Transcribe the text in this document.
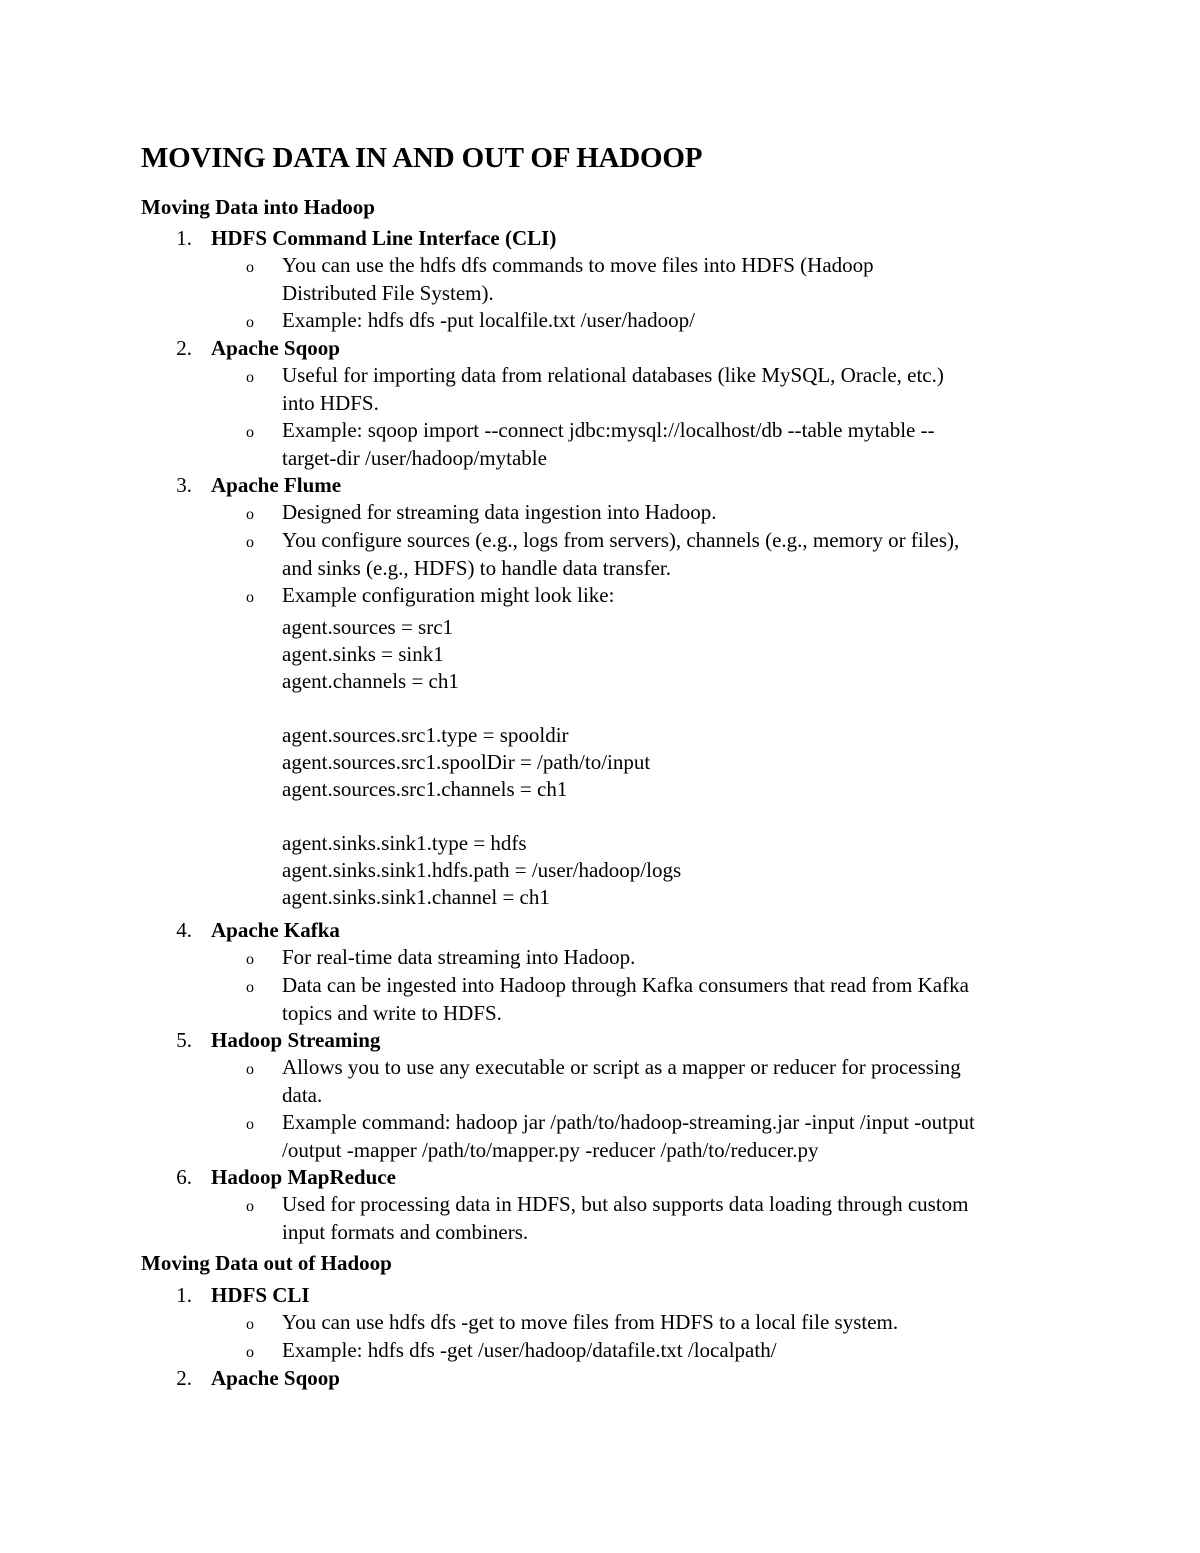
MOVING DATA IN AND OUT OF HADOOP
Moving Data into Hadoop
1. HDFS Command Line Interface (CLI)
o You can use the hdfs dfs commands to move files into HDFS (Hadoop
Distributed File System).
o Example: hdfs dfs -put localfile.txt /user/hadoop/
2. Apache Sqoop
o Useful for importing data from relational databases (like MySQL, Oracle, etc.)
into HDFS.
o Example: sqoop import --connect jdbc:mysql://localhost/db --table mytable --
target-dir /user/hadoop/mytable
3. Apache Flume
o Designed for streaming data ingestion into Hadoop.
o You configure sources (e.g., logs from servers), channels (e.g., memory or files),
and sinks (e.g., HDFS) to handle data transfer.
o Example configuration might look like:
agent.sources = src1
agent.sinks = sink1
agent.channels = ch1
agent.sources.src1.type = spooldir
agent.sources.src1.spoolDir = /path/to/input
agent.sources.src1.channels = ch1
agent.sinks.sink1.type = hdfs
agent.sinks.sink1.hdfs.path = /user/hadoop/logs
agent.sinks.sink1.channel = ch1
4. Apache Kafka
o For real-time data streaming into Hadoop.
o Data can be ingested into Hadoop through Kafka consumers that read from Kafka
topics and write to HDFS.
5. Hadoop Streaming
o Allows you to use any executable or script as a mapper or reducer for processing
data.
o Example command: hadoop jar /path/to/hadoop-streaming.jar -input /input -output
/output -mapper /path/to/mapper.py -reducer /path/to/reducer.py
6. Hadoop MapReduce
o Used for processing data in HDFS, but also supports data loading through custom
input formats and combiners.
Moving Data out of Hadoop
1. HDFS CLI
o You can use hdfs dfs -get to move files from HDFS to a local file system.
o Example: hdfs dfs -get /user/hadoop/datafile.txt /localpath/
2. Apache Sqoop
